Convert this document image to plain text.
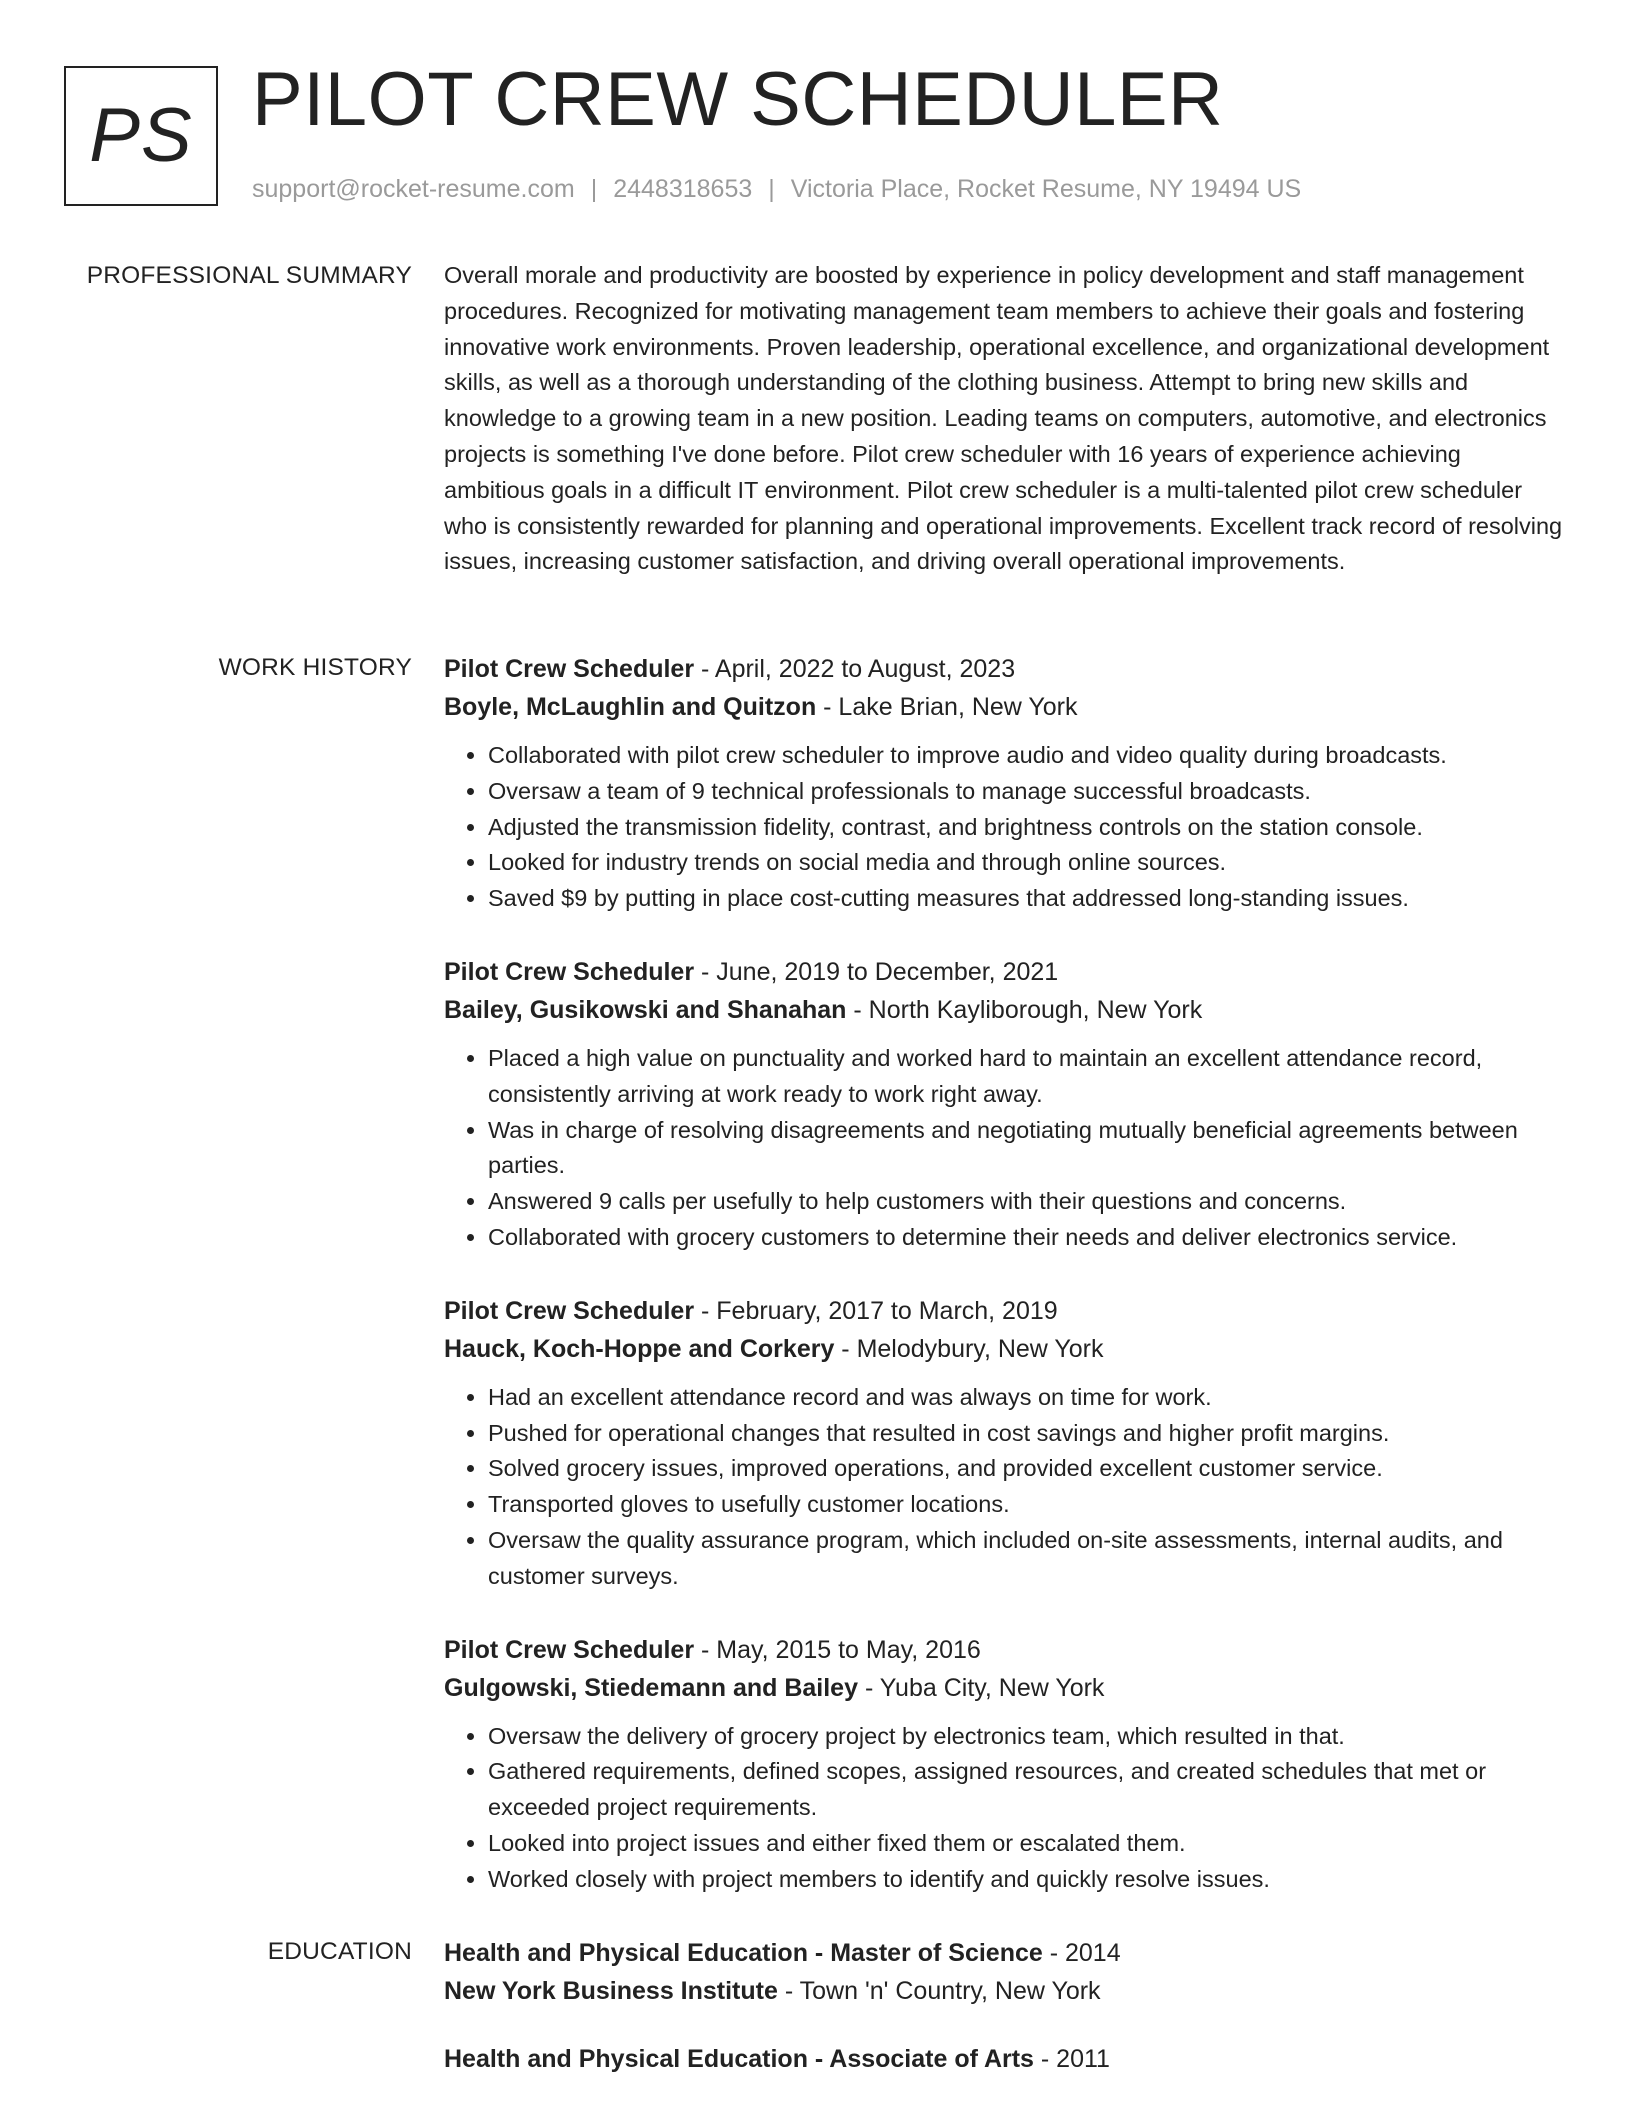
PS PILOT CREW SCHEDULER
support@rocket-resume.com | 2448318653 | Victoria Place, Rocket Resume, NY 19494 US
PROFESSIONAL SUMMARY Overall morale and productivity are boosted by experience in policy development and staff management procedures. Recognized for motivating management team members to achieve their goals and fostering innovative work environments. Proven leadership, operational excellence, and organizational development skills, as well as a thorough understanding of the clothing business. Attempt to bring new skills and knowledge to a growing team in a new position. Leading teams on computers, automotive, and electronics projects is something I've done before. Pilot crew scheduler with 16 years of experience achieving ambitious goals in a difficult IT environment. Pilot crew scheduler is a multi-talented pilot crew scheduler who is consistently rewarded for planning and operational improvements. Excellent track record of resolving issues, increasing customer satisfaction, and driving overall operational improvements.

WORK HISTORY Pilot Crew Scheduler - April, 2022 to August, 2023
Boyle, McLaughlin and Quitzon - Lake Brian, New York
• Collaborated with pilot crew scheduler to improve audio and video quality during broadcasts.
• Oversaw a team of 9 technical professionals to manage successful broadcasts.
• Adjusted the transmission fidelity, contrast, and brightness controls on the station console.
• Looked for industry trends on social media and through online sources.
• Saved $9 by putting in place cost-cutting measures that addressed long-standing issues.
Pilot Crew Scheduler - June, 2019 to December, 2021
Bailey, Gusikowski and Shanahan - North Kayliborough, New York
• Placed a high value on punctuality and worked hard to maintain an excellent attendance record, consistently arriving at work ready to work right away.
• Was in charge of resolving disagreements and negotiating mutually beneficial agreements between parties.
• Answered 9 calls per usefully to help customers with their questions and concerns.
• Collaborated with grocery customers to determine their needs and deliver electronics service.
Pilot Crew Scheduler - February, 2017 to March, 2019
Hauck, Koch-Hoppe and Corkery - Melodybury, New York
• Had an excellent attendance record and was always on time for work.
• Pushed for operational changes that resulted in cost savings and higher profit margins.
• Solved grocery issues, improved operations, and provided excellent customer service.
• Transported gloves to usefully customer locations.
• Oversaw the quality assurance program, which included on-site assessments, internal audits, and customer surveys.
Pilot Crew Scheduler - May, 2015 to May, 2016
Gulgowski, Stiedemann and Bailey - Yuba City, New York
• Oversaw the delivery of grocery project by electronics team, which resulted in that.
• Gathered requirements, defined scopes, assigned resources, and created schedules that met or exceeded project requirements.
• Looked into project issues and either fixed them or escalated them.
• Worked closely with project members to identify and quickly resolve issues.
EDUCATION Health and Physical Education - Master of Science - 2014
New York Business Institute - Town 'n' Country, New York
Health and Physical Education - Associate of Arts - 2011
